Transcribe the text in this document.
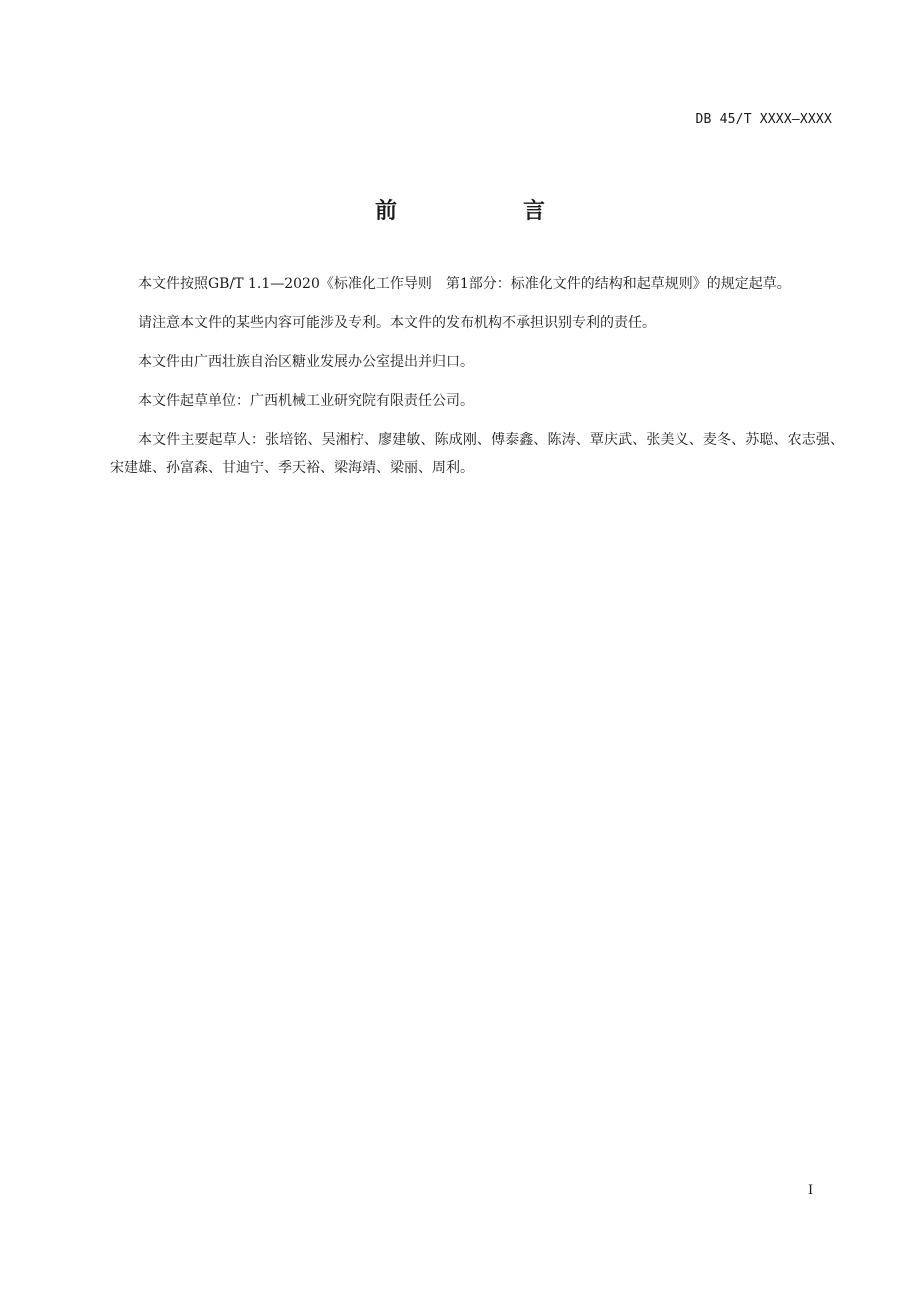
DB 45/T XXXX—XXXX
前　言

本文件按照GB/T 1.1—2020《标准化工作导则　第1部分：标准化文件的结构和起草规则》的规定起草。

请注意本文件的某些内容可能涉及专利。本文件的发布机构不承担识别专利的责任。

本文件由广西壮族自治区糖业发展办公室提出并归口。

本文件起草单位：广西机械工业研究院有限责任公司。

本文件主要起草人：张培铭、吴湘柠、廖建敏、陈成刚、傅泰鑫、陈涛、覃庆武、张美义、麦冬、苏聪、农志强、宋建雄、孙富森、甘迪宁、季天裕、梁海靖、梁丽、周利。

I
